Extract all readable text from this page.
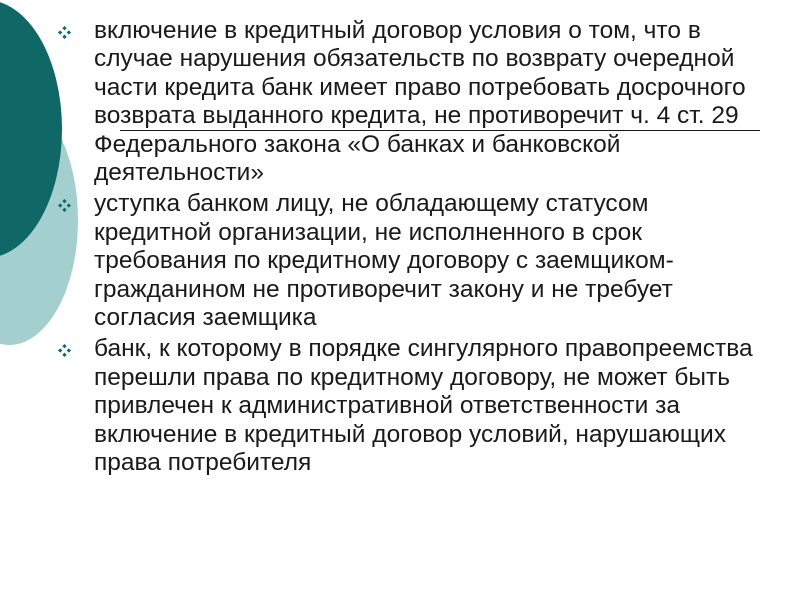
включение в кредитный договор условия о том, что в случае нарушения обязательств по возврату очередной части кредита банк имеет право потребовать досрочного возврата выданного кредита, не противоречит ч. 4 ст. 29 Федерального закона «О банках и банковской деятельности»
уступка банком лицу, не обладающему статусом кредитной организации, не исполненного в срок требования по кредитному договору с заемщиком-гражданином не противоречит закону и не требует согласия заемщика
банк, к которому в порядке сингулярного правопреемства перешли права по кредитному договору, не может быть привлечен к административной ответственности за включение в кредитный договор условий, нарушающих права потребителя
